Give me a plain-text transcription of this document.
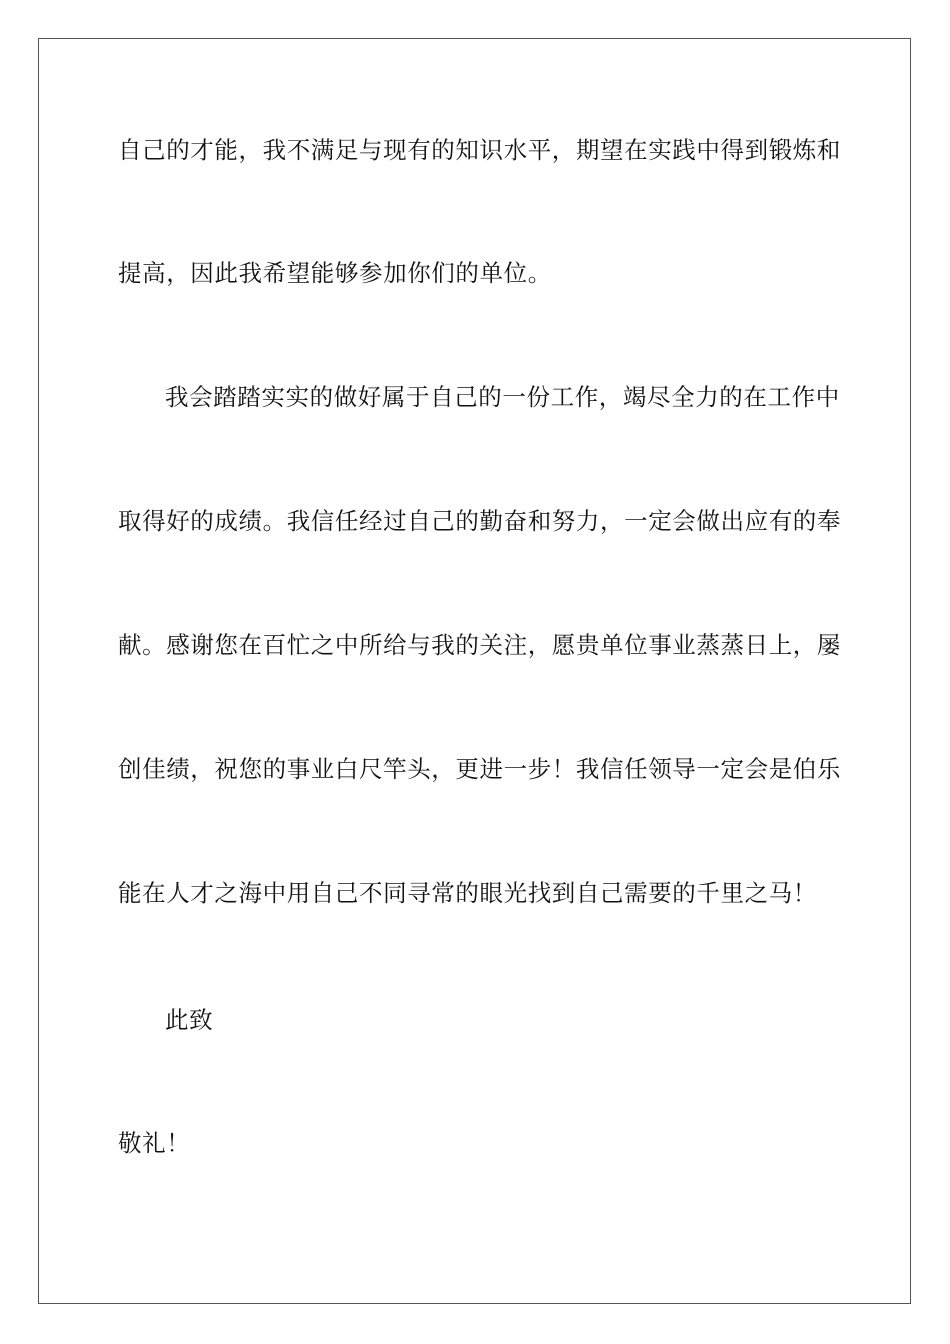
自己的才能，我不满足与现有的知识水平，期望在实践中得到锻炼和
提高，因此我希望能够参加你们的单位。
我会踏踏实实的做好属于自己的一份工作，竭尽全力的在工作中
取得好的成绩。我信任经过自己的勤奋和努力，一定会做出应有的奉
献。感谢您在百忙之中所给与我的关注，愿贵单位事业蒸蒸日上，屡
创佳绩，祝您的事业白尺竿头，更进一步！我信任领导一定会是伯乐
能在人才之海中用自己不同寻常的眼光找到自己需要的千里之马！
此致
敬礼！
